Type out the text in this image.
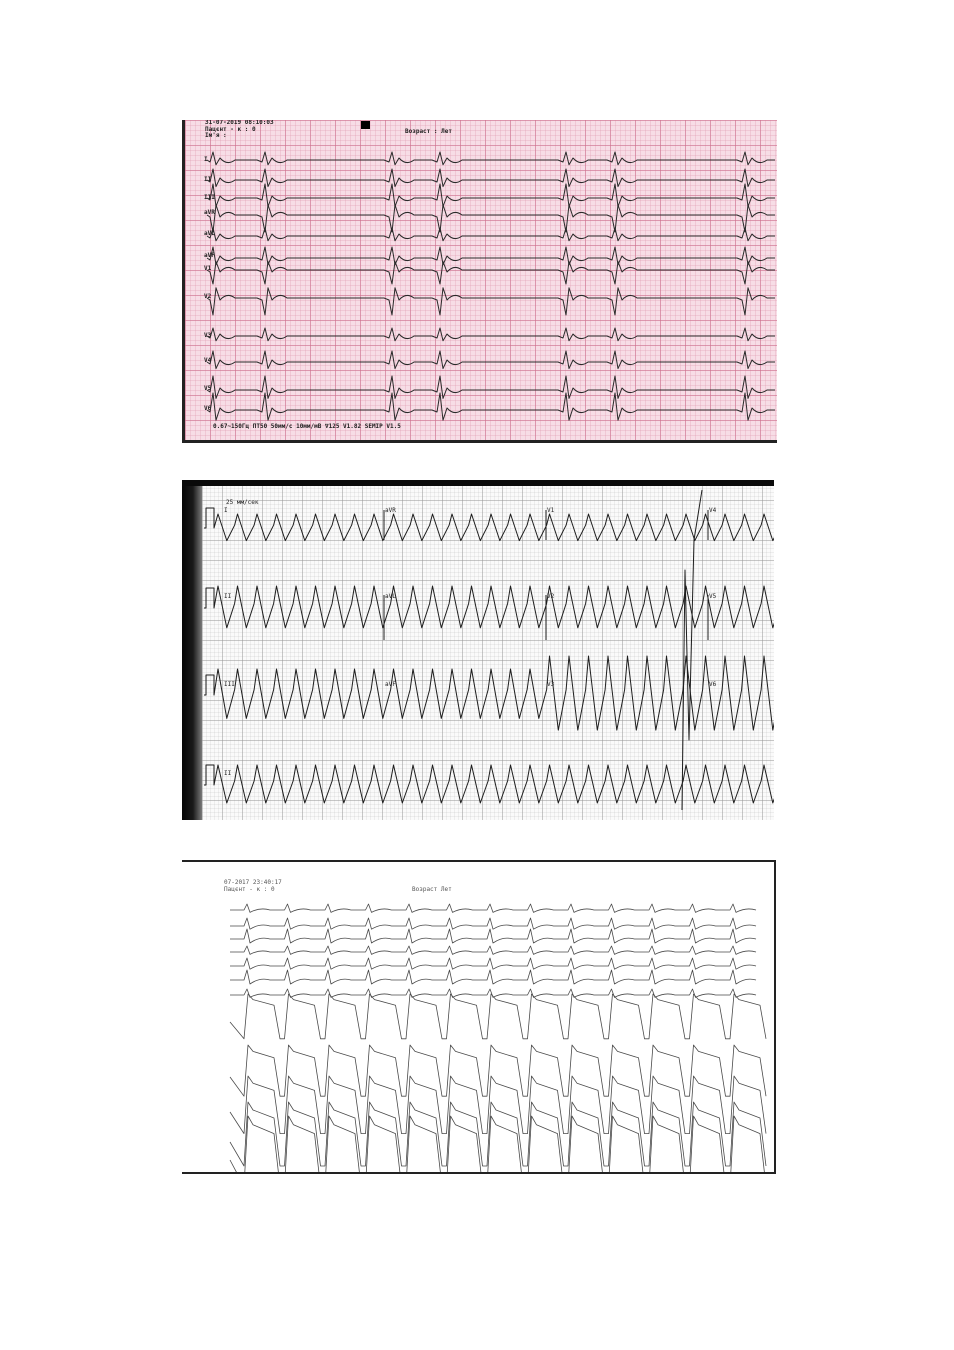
31-07-2019 08:10:03
Пацєнт - к : 0
Ім'я :
Возраст : Лет
I
II
III
aVR
aVL
aVF
V1
V2
V3
V4
V5
V6
0.67~150Гц ПТ50 50мм/с 10мм/мВ ∇125 V1.82 SEMIP V1.5
25 мм/сек
I	aVR	V1	V4
II	aVL	V2	V5
III	aVF	V3	V6
II
07-2017 23:40:17
Пацєнт - к : 0	Возраст Лет
